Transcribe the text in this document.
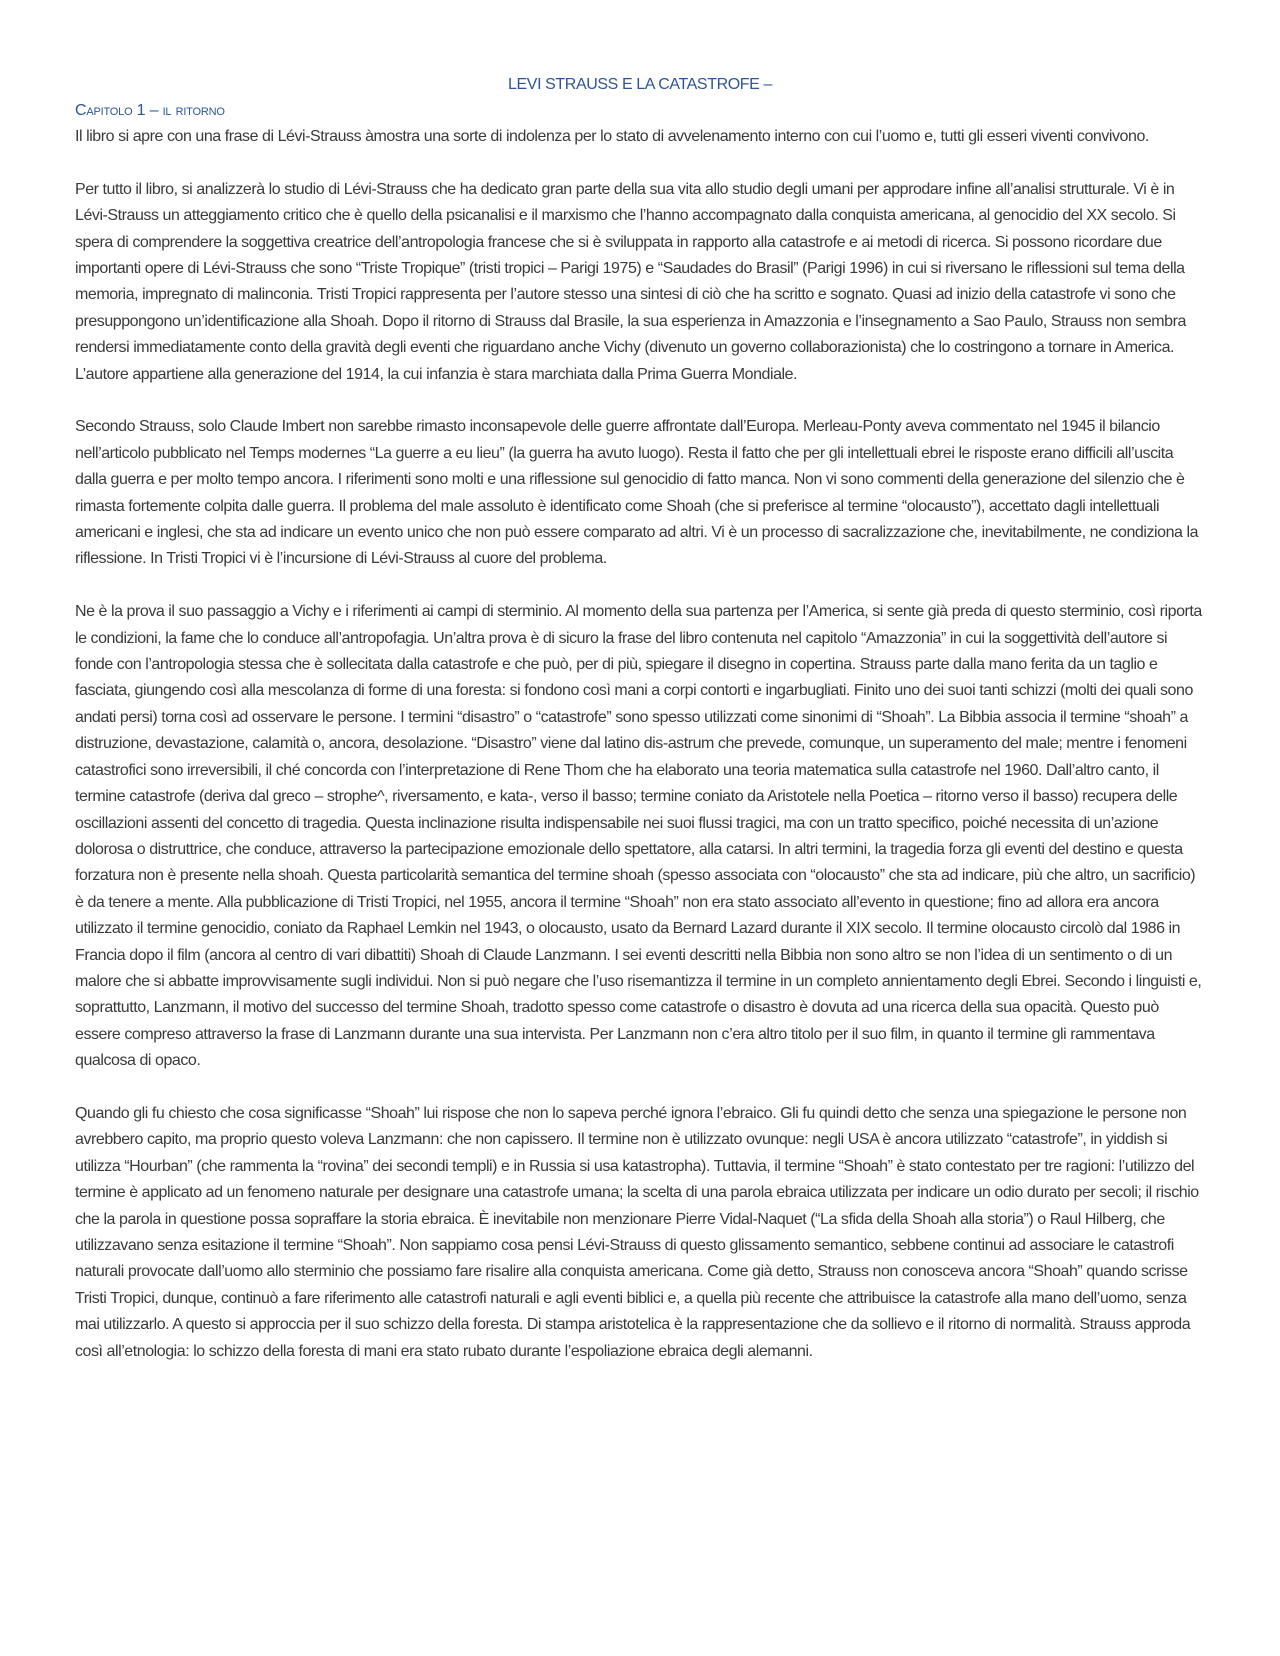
LEVI STRAUSS E LA CATASTROFE –
Capitolo 1 – il ritorno

Il libro si apre con una frase di Lévi-Strauss àmostra una sorte di indolenza per lo stato di avvelenamento interno con cui l’uomo e, tutti gli esseri viventi convivono.

Per tutto il libro, si analizzerà lo studio di Lévi-Strauss che ha dedicato gran parte della sua vita allo studio degli umani per approdare infine all’analisi strutturale. Vi è in Lévi-Strauss un atteggiamento critico che è quello della psicanalisi e il marxismo che l’hanno accompagnato dalla conquista americana, al genocidio del XX secolo. Si spera di comprendere la soggettiva creatrice dell’antropologia francese che si è sviluppata in rapporto alla catastrofe e ai metodi di ricerca. Si possono ricordare due importanti opere di Lévi-Strauss che sono “Triste Tropique” (tristi tropici – Parigi 1975) e “Saudades do Brasil” (Parigi 1996) in cui si riversano le riflessioni sul tema della memoria, impregnato di malinconia. Tristi Tropici rappresenta per l’autore stesso una sintesi di ciò che ha scritto e sognato. Quasi ad inizio della catastrofe vi sono che presuppongono un’identificazione alla Shoah. Dopo il ritorno di Strauss dal Brasile, la sua esperienza in Amazzonia e l’insegnamento a Sao Paulo, Strauss non sembra rendersi immediatamente conto della gravità degli eventi che riguardano anche Vichy (divenuto un governo collaborazionista) che lo costringono a tornare in America. L’autore appartiene alla generazione del 1914, la cui infanzia è stara marchiata dalla Prima Guerra Mondiale.

Secondo Strauss, solo Claude Imbert non sarebbe rimasto inconsapevole delle guerre affrontate dall’Europa. Merleau-Ponty aveva commentato nel 1945 il bilancio nell’articolo pubblicato nel Temps modernes “La guerre a eu lieu” (la guerra ha avuto luogo). Resta il fatto che per gli intellettuali ebrei le risposte erano difficili all’uscita dalla guerra e per molto tempo ancora. I riferimenti sono molti e una riflessione sul genocidio di fatto manca. Non vi sono commenti della generazione del silenzio che è rimasta fortemente colpita dalle guerra. Il problema del male assoluto è identificato come Shoah (che si preferisce al termine “olocausto”), accettato dagli intellettuali americani e inglesi, che sta ad indicare un evento unico che non può essere comparato ad altri. Vi è un processo di sacralizzazione che, inevitabilmente, ne condiziona la riflessione. In Tristi Tropici vi è l’incursione di Lévi-Strauss al cuore del problema.

Ne è la prova il suo passaggio a Vichy e i riferimenti ai campi di sterminio. Al momento della sua partenza per l’America, si sente già preda di questo sterminio, così riporta le condizioni, la fame che lo conduce all’antropofagia. Un’altra prova è di sicuro la frase del libro contenuta nel capitolo “Amazzonia” in cui la soggettività dell’autore si fonde con l’antropologia stessa che è sollecitata dalla catastrofe e che può, per di più, spiegare il disegno in copertina. Strauss parte dalla mano ferita da un taglio e fasciata, giungendo così alla mescolanza di forme di una foresta: si fondono così mani a corpi contorti e ingarbugliati. Finito uno dei suoi tanti schizzi (molti dei quali sono andati persi) torna così ad osservare le persone. I termini “disastro” o “catastrofe” sono spesso utilizzati come sinonimi di “Shoah”. La Bibbia associa il termine “shoah” a distruzione, devastazione, calamità o, ancora, desolazione. “Disastro” viene dal latino dis-astrum che prevede, comunque, un superamento del male; mentre i fenomeni catastrofici sono irreversibili, il ché concorda con l’interpretazione di Rene Thom che ha elaborato una teoria matematica sulla catastrofe nel 1960. Dall’altro canto, il termine catastrofe (deriva dal greco – strophe^, riversamento, e kata-, verso il basso; termine coniato da Aristotele nella Poetica – ritorno verso il basso) recupera delle oscillazioni assenti del concetto di tragedia. Questa inclinazione risulta indispensabile nei suoi flussi tragici, ma con un tratto specifico, poiché necessita di un’azione dolorosa o distruttrice, che conduce, attraverso la partecipazione emozionale dello spettatore, alla catarsi. In altri termini, la tragedia forza gli eventi del destino e questa forzatura non è presente nella shoah. Questa particolarità semantica del termine shoah (spesso associata con “olocausto” che sta ad indicare, più che altro, un sacrificio) è da tenere a mente. Alla pubblicazione di Tristi Tropici, nel 1955, ancora il termine “Shoah” non era stato associato all’evento in questione; fino ad allora era ancora utilizzato il termine genocidio, coniato da Raphael Lemkin nel 1943, o olocausto, usato da Bernard Lazard durante il XIX secolo. Il termine olocausto circolò dal 1986 in Francia dopo il film (ancora al centro di vari dibattiti) Shoah di Claude Lanzmann. I sei eventi descritti nella Bibbia non sono altro se non l’idea di un sentimento o di un malore che si abbatte improvvisamente sugli individui. Non si può negare che l’uso risemantizza il termine in un completo annientamento degli Ebrei. Secondo i linguisti e, soprattutto, Lanzmann, il motivo del successo del termine Shoah, tradotto spesso come catastrofe o disastro è dovuta ad una ricerca della sua opacità. Questo può essere compreso attraverso la frase di Lanzmann durante una sua intervista. Per Lanzmann non c’era altro titolo per il suo film, in quanto il termine gli rammentava qualcosa di opaco.

Quando gli fu chiesto che cosa significasse “Shoah” lui rispose che non lo sapeva perché ignora l’ebraico. Gli fu quindi detto che senza una spiegazione le persone non avrebbero capito, ma proprio questo voleva Lanzmann: che non capissero. Il termine non è utilizzato ovunque: negli USA è ancora utilizzato “catastrofe”, in yiddish si utilizza “Hourban” (che rammenta la “rovina” dei secondi templi) e in Russia si usa katastropha). Tuttavia, il termine “Shoah” è stato contestato per tre ragioni: l’utilizzo del termine è applicato ad un fenomeno naturale per designare una catastrofe umana; la scelta di una parola ebraica utilizzata per indicare un odio durato per secoli; il rischio che la parola in questione possa sopraffare la storia ebraica. È inevitabile non menzionare Pierre Vidal-Naquet (“La sfida della Shoah alla storia”) o Raul Hilberg, che utilizzavano senza esitazione il termine “Shoah”. Non sappiamo cosa pensi Lévi-Strauss di questo glissamento semantico, sebbene continui ad associare le catastrofi naturali provocate dall’uomo allo sterminio che possiamo fare risalire alla conquista americana. Come già detto, Strauss non conosceva ancora “Shoah” quando scrisse Tristi Tropici, dunque, continuò a fare riferimento alle catastrofi naturali e agli eventi biblici e, a quella più recente che attribuisce la catastrofe alla mano dell’uomo, senza mai utilizzarlo. A questo si approccia per il suo schizzo della foresta. Di stampa aristotelica è la rappresentazione che da sollievo e il ritorno di normalità. Strauss approda così all’etnologia: lo schizzo della foresta di mani era stato rubato durante l’espoliazione ebraica degli alemanni.
